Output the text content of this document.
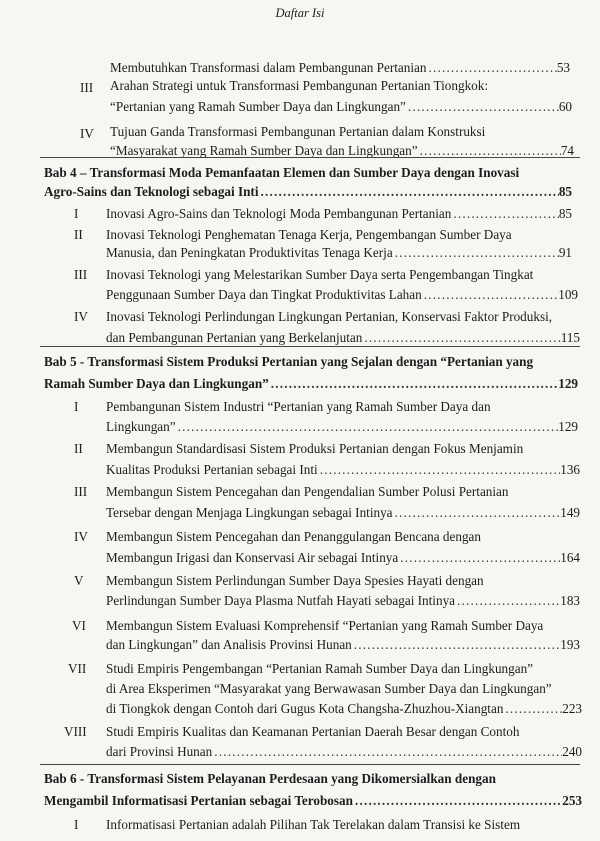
Daftar Isi
Membutuhkan Transformasi dalam Pembangunan Pertanian .....	53
III Arahan Strategi untuk Transformasi Pembangunan Pertanian Tiongkok:
“Pertanian yang Ramah Sumber Daya dan Lingkungan” .....	60
IV Tujuan Ganda Transformasi Pembangunan Pertanian dalam Konstruksi
“Masyarakat yang Ramah Sumber Daya dan Lingkungan” .....	74
Bab 4 – Transformasi Moda Pemanfaatan Elemen dan Sumber Daya dengan Inovasi
Agro-Sains dan Teknologi sebagai Inti .....	85
I Inovasi Agro-Sains dan Teknologi Moda Pembangunan Pertanian .....	85
II Inovasi Teknologi Penghematan Tenaga Kerja, Pengembangan Sumber Daya
Manusia, dan Peningkatan Produktivitas Tenaga Kerja .....	91
III Inovasi Teknologi yang Melestarikan Sumber Daya serta Pengembangan Tingkat
Penggunaan Sumber Daya dan Tingkat Produktivitas Lahan .....	109
IV Inovasi Teknologi Perlindungan Lingkungan Pertanian, Konservasi Faktor Produksi,
dan Pembangunan Pertanian yang Berkelanjutan .....	115
Bab 5 - Transformasi Sistem Produksi Pertanian yang Sejalan dengan “Pertanian yang
Ramah Sumber Daya dan Lingkungan” .....	129
I Pembangunan Sistem Industri “Pertanian yang Ramah Sumber Daya dan
Lingkungan” .....	129
II Membangun Standardisasi Sistem Produksi Pertanian dengan Fokus Menjamin
Kualitas Produksi Pertanian sebagai Inti .....	136
III Membangun Sistem Pencegahan dan Pengendalian Sumber Polusi Pertanian
Tersebar dengan Menjaga Lingkungan sebagai Intinya .....	149
IV Membangun Sistem Pencegahan dan Penanggulangan Bencana dengan
Membangun Irigasi dan Konservasi Air sebagai Intinya .....	164
V Membangun Sistem Perlindungan Sumber Daya Spesies Hayati dengan
Perlindungan Sumber Daya Plasma Nutfah Hayati sebagai Intinya .....	183
VI Membangun Sistem Evaluasi Komprehensif “Pertanian yang Ramah Sumber Daya
dan Lingkungan” dan Analisis Provinsi Hunan .....	193
VII Studi Empiris Pengembangan “Pertanian Ramah Sumber Daya dan Lingkungan”
di Area Eksperimen “Masyarakat yang Berwawasan Sumber Daya dan Lingkungan”
di Tiongkok dengan Contoh dari Gugus Kota Changsha-Zhuzhou-Xiangtan .....	223
VIII Studi Empiris Kualitas dan Keamanan Pertanian Daerah Besar dengan Contoh
dari Provinsi Hunan .....	240
Bab 6 - Transformasi Sistem Pelayanan Perdesaan yang Dikomersialkan dengan
Mengambil Informatisasi Pertanian sebagai Terobosan .....	253
I Informatisasi Pertanian adalah Pilihan Tak Terelakan dalam Transisi ke Sistem
